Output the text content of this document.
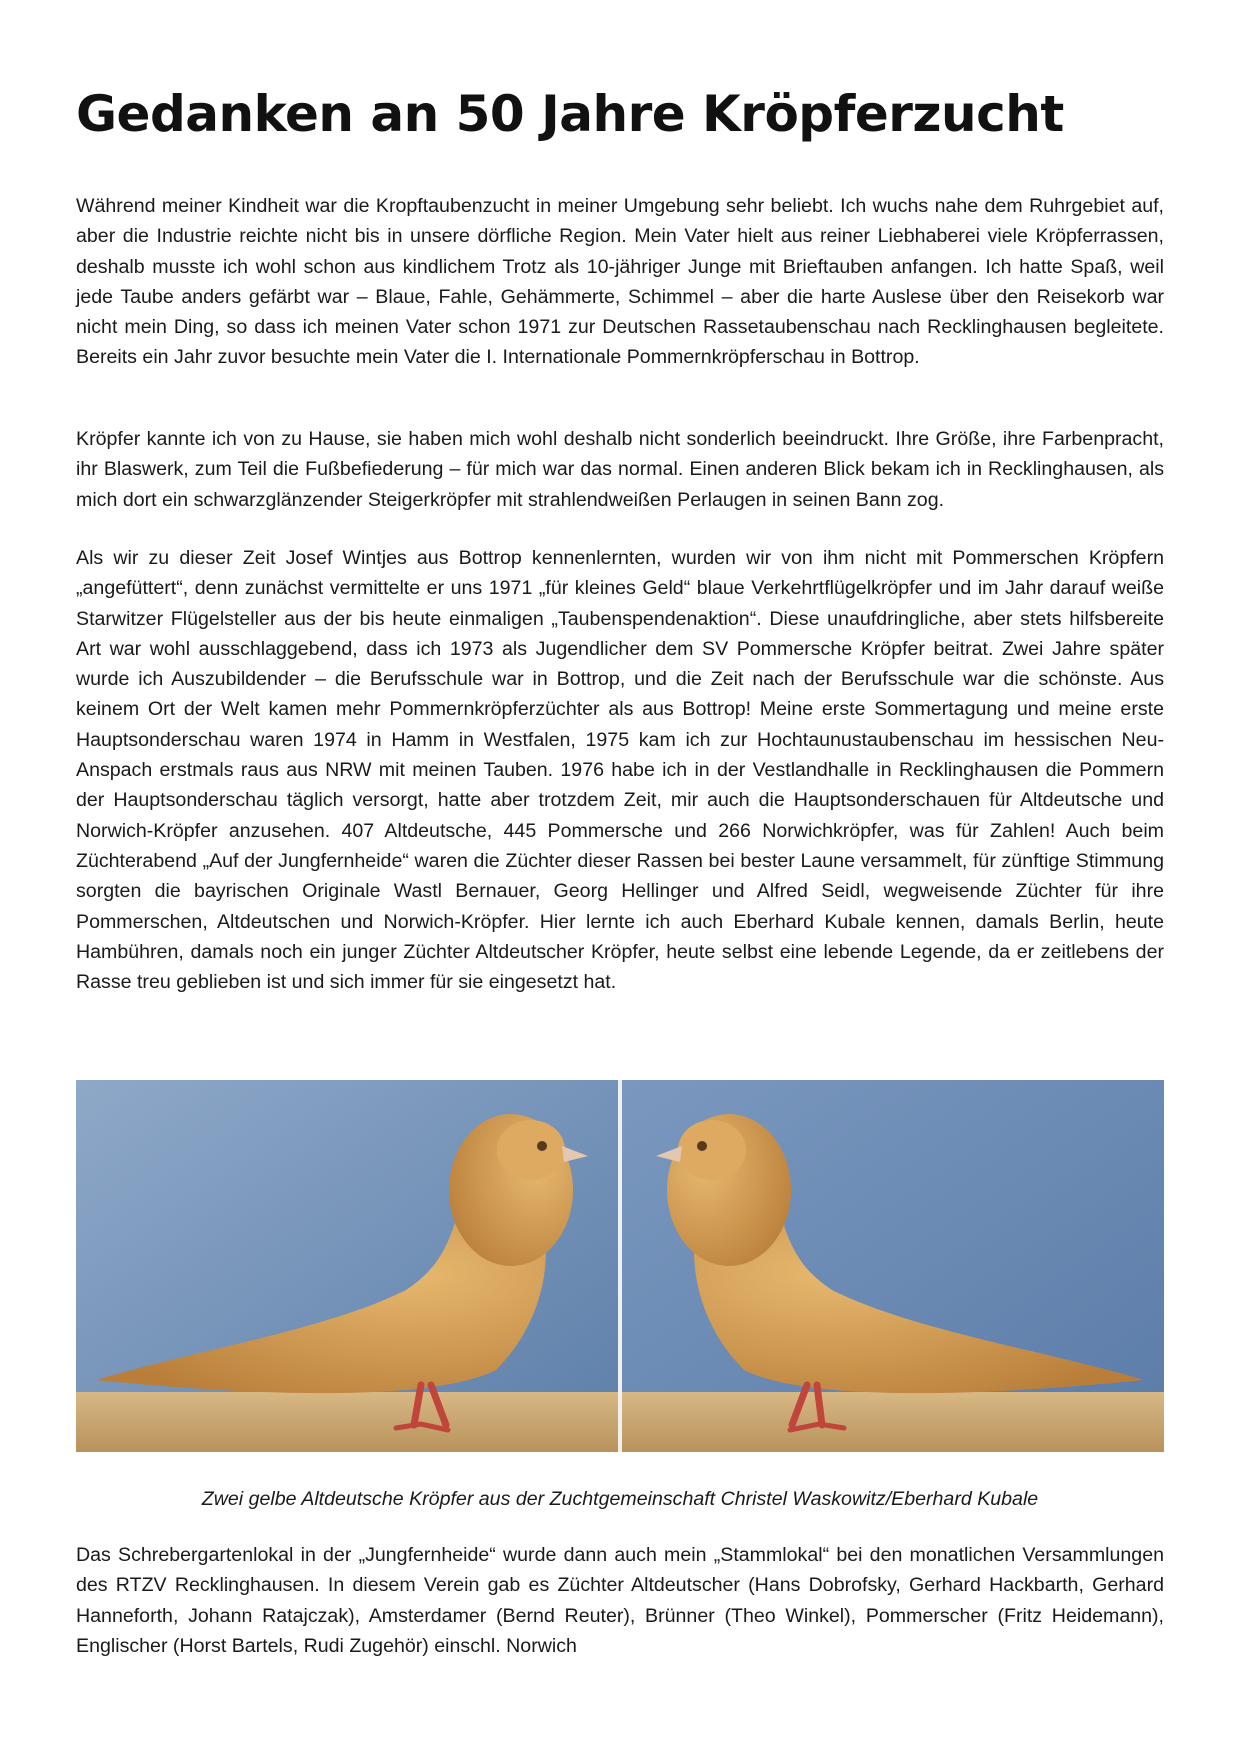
Gedanken an 50 Jahre Kröpferzucht

Während meiner Kindheit war die Kropftaubenzucht in meiner Umgebung sehr beliebt. Ich wuchs nahe dem Ruhrgebiet auf, aber die Industrie reichte nicht bis in unsere dörfliche Region. Mein Vater hielt aus reiner Liebhaberei viele Kröpferrassen, deshalb musste ich wohl schon aus kindlichem Trotz als 10-jähriger Junge mit Brieftauben anfangen. Ich hatte Spaß, weil jede Taube anders gefärbt war – Blaue, Fahle, Gehämmerte, Schimmel – aber die harte Auslese über den Reisekorb war nicht mein Ding, so dass ich meinen Vater schon 1971 zur Deutschen Rassetaubenschau nach Recklinghausen begleitete. Bereits ein Jahr zuvor besuchte mein Vater die I. Internationale Pommernkröpferschau in Bottrop.

Kröpfer kannte ich von zu Hause, sie haben mich wohl deshalb nicht sonderlich beeindruckt. Ihre Größe, ihre Farbenpracht, ihr Blaswerk, zum Teil die Fußbefiederung – für mich war das normal. Einen anderen Blick bekam ich in Recklinghausen, als mich dort ein schwarzglänzender Steigerkröpfer mit strahlendweißen Perlaugen in seinen Bann zog.

Als wir zu dieser Zeit Josef Wintjes aus Bottrop kennenlernten, wurden wir von ihm nicht mit Pommerschen Kröpfern „angefüttert“, denn zunächst vermittelte er uns 1971 „für kleines Geld“ blaue Verkehrtflügelkröpfer und im Jahr darauf weiße Starwitzer Flügelsteller aus der bis heute einmaligen „Taubenspendenaktion“. Diese unaufdringliche, aber stets hilfsbereite Art war wohl ausschlaggebend, dass ich 1973 als Jugendlicher dem SV Pommersche Kröpfer beitrat. Zwei Jahre später wurde ich Auszubildender – die Berufsschule war in Bottrop, und die Zeit nach der Berufsschule war die schönste. Aus keinem Ort der Welt kamen mehr Pommernkröpferzüchter als aus Bottrop! Meine erste Sommertagung und meine erste Hauptsonderschau waren 1974 in Hamm in Westfalen, 1975 kam ich zur Hochtaunustaubenschau im hessischen Neu-Anspach erstmals raus aus NRW mit meinen Tauben. 1976 habe ich in der Vestlandhalle in Recklinghausen die Pommern der Hauptsonderschau täglich versorgt, hatte aber trotzdem Zeit, mir auch die Hauptsonderschauen für Altdeutsche und Norwich-Kröpfer anzusehen. 407 Altdeutsche, 445 Pommersche und 266 Norwichkröpfer, was für Zahlen! Auch beim Züchterabend „Auf der Jungfernheide“ waren die Züchter dieser Rassen bei bester Laune versammelt, für zünftige Stimmung sorgten die bayrischen Originale Wastl Bernauer, Georg Hellinger und Alfred Seidl, wegweisende Züchter für ihre Pommerschen, Altdeutschen und Norwich-Kröpfer. Hier lernte ich auch Eberhard Kubale kennen, damals Berlin, heute Hambühren, damals noch ein junger Züchter Altdeutscher Kröpfer, heute selbst eine lebende Legende, da er zeitlebens der Rasse treu geblieben ist und sich immer für sie eingesetzt hat.

Zwei gelbe Altdeutsche Kröpfer aus der Zuchtgemeinschaft Christel Waskowitz/Eberhard Kubale

Das Schrebergartenlokal in der „Jungfernheide“ wurde dann auch mein „Stammlokal“ bei den monatlichen Versammlungen des RTZV Recklinghausen. In diesem Verein gab es Züchter Altdeutscher (Hans Dobrofsky, Gerhard Hackbarth, Gerhard Hanneforth, Johann Ratajczak), Amsterdamer (Bernd Reuter), Brünner (Theo Winkel), Pommerscher (Fritz Heidemann), Englischer (Horst Bartels, Rudi Zugehör) einschl. Norwich
